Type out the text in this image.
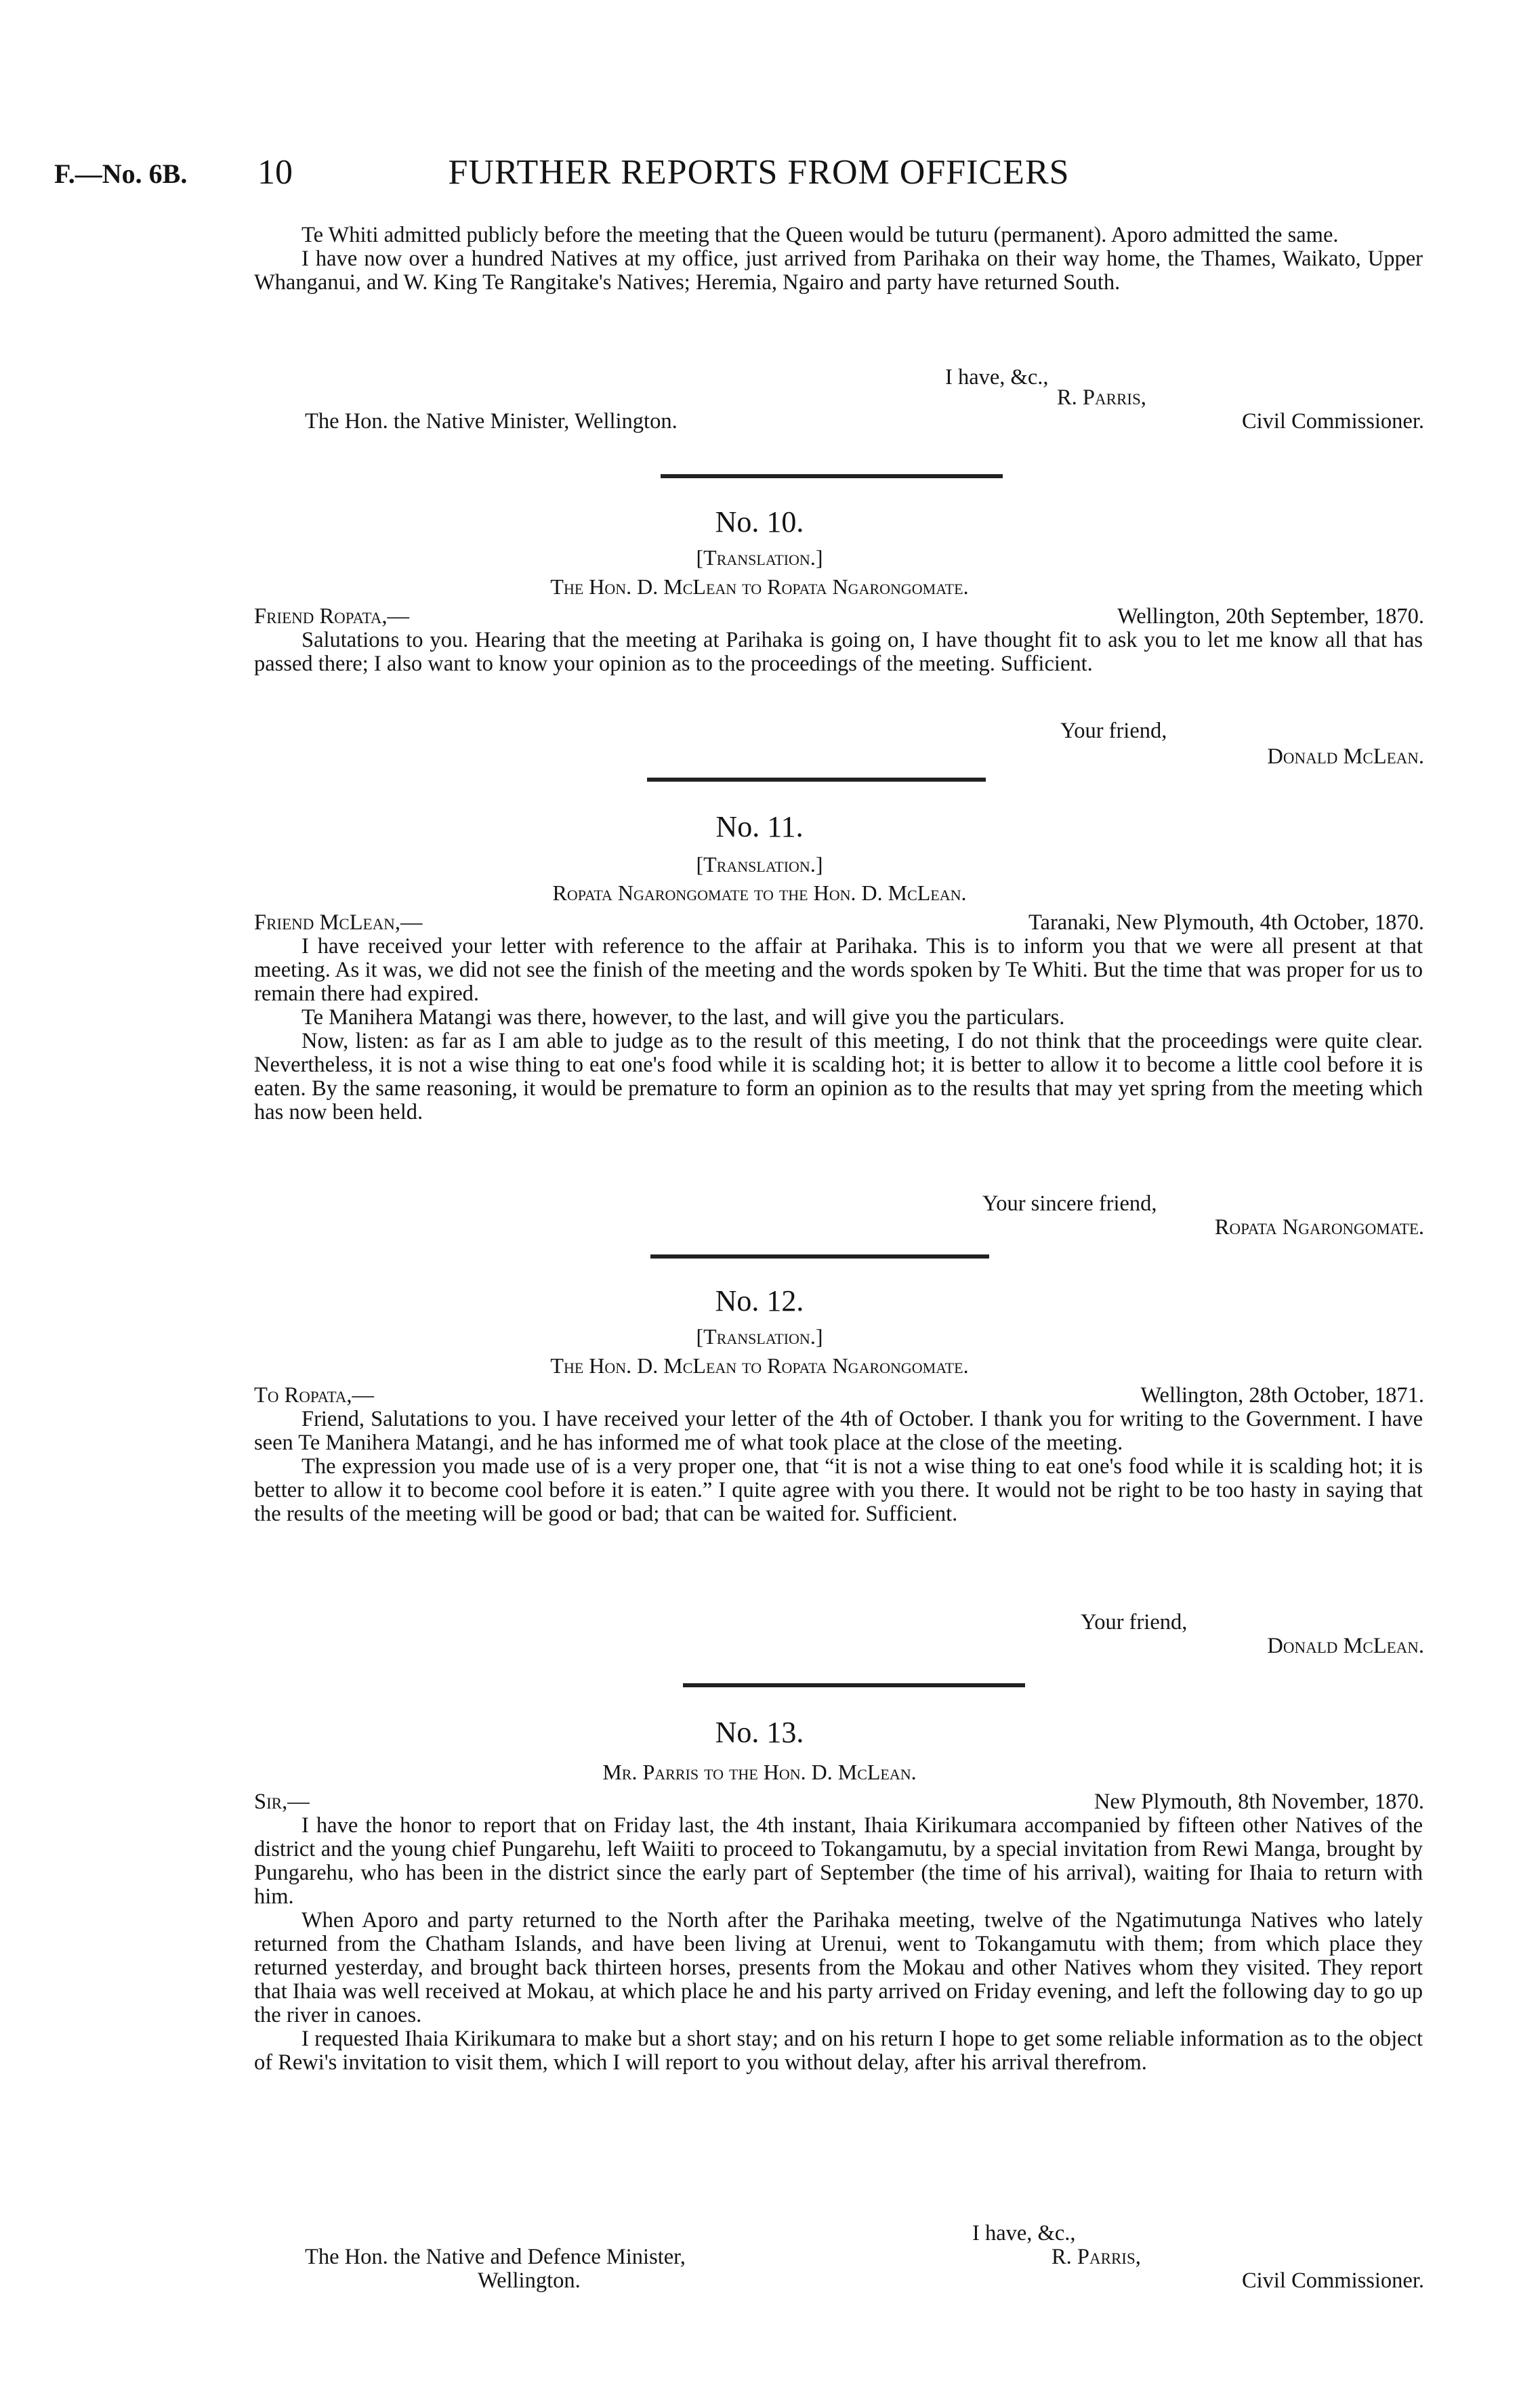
F.—No. 6B. 10	FURTHER REPORTS FROM OFFICERS

Te Whiti admitted publicly before the meeting that the Queen would be tuturu (permanent). Aporo admitted the same.

I have now over a hundred Natives at my office, just arrived from Parihaka on their way home, the Thames, Waikato, Upper Whanganui, and W. King Te Rangitake's Natives; Heremia, Ngairo and party have returned South.

I have, &c.,
R. Parris,
The Hon. the Native Minister, Wellington.	Civil Commissioner.
No. 10.
[Translation.]
The Hon. D. McLean to Ropata Ngarongomate.
Friend Ropata,—	Wellington, 20th September, 1870.

Salutations to you. Hearing that the meeting at Parihaka is going on, I have thought fit to ask you to let me know all that has passed there; I also want to know your opinion as to the proceedings of the meeting. Sufficient.

Your friend,
Donald McLean.
No. 11.
[Translation.]
Ropata Ngarongomate to the Hon. D. McLean.
Friend McLean,—	Taranaki, New Plymouth, 4th October, 1870.

I have received your letter with reference to the affair at Parihaka. This is to inform you that we were all present at that meeting. As it was, we did not see the finish of the meeting and the words spoken by Te Whiti. But the time that was proper for us to remain there had expired.

Te Manihera Matangi was there, however, to the last, and will give you the particulars.

Now, listen: as far as I am able to judge as to the result of this meeting, I do not think that the proceedings were quite clear. Nevertheless, it is not a wise thing to eat one's food while it is scalding hot; it is better to allow it to become a little cool before it is eaten. By the same reasoning, it would be premature to form an opinion as to the results that may yet spring from the meeting which has now been held.

Your sincere friend,
Ropata Ngarongomate.
No. 12.
[Translation.]
The Hon. D. McLean to Ropata Ngarongomate.
To Ropata,—	Wellington, 28th October, 1871.

Friend, Salutations to you. I have received your letter of the 4th of October. I thank you for writing to the Government. I have seen Te Manihera Matangi, and he has informed me of what took place at the close of the meeting.

The expression you made use of is a very proper one, that “it is not a wise thing to eat one's food while it is scalding hot; it is better to allow it to become cool before it is eaten.” I quite agree with you there. It would not be right to be too hasty in saying that the results of the meeting will be good or bad; that can be waited for. Sufficient.

Your friend,
Donald McLean.
No. 13.
Mr. Parris to the Hon. D. McLean.
Sir,—	New Plymouth, 8th November, 1870.

I have the honor to report that on Friday last, the 4th instant, Ihaia Kirikumara accompanied by fifteen other Natives of the district and the young chief Pungarehu, left Waiiti to proceed to Tokangamutu, by a special invitation from Rewi Manga, brought by Pungarehu, who has been in the district since the early part of September (the time of his arrival), waiting for Ihaia to return with him.

When Aporo and party returned to the North after the Parihaka meeting, twelve of the Ngatimutunga Natives who lately returned from the Chatham Islands, and have been living at Urenui, went to Tokangamutu with them; from which place they returned yesterday, and brought back thirteen horses, presents from the Mokau and other Natives whom they visited. They report that Ihaia was well received at Mokau, at which place he and his party arrived on Friday evening, and left the following day to go up the river in canoes.

I requested Ihaia Kirikumara to make but a short stay; and on his return I hope to get some reliable information as to the object of Rewi's invitation to visit them, which I will report to you without delay, after his arrival therefrom.

I have, &c.,
R. Parris,
The Hon. the Native and Defence Minister,
Wellington.	Civil Commissioner.
